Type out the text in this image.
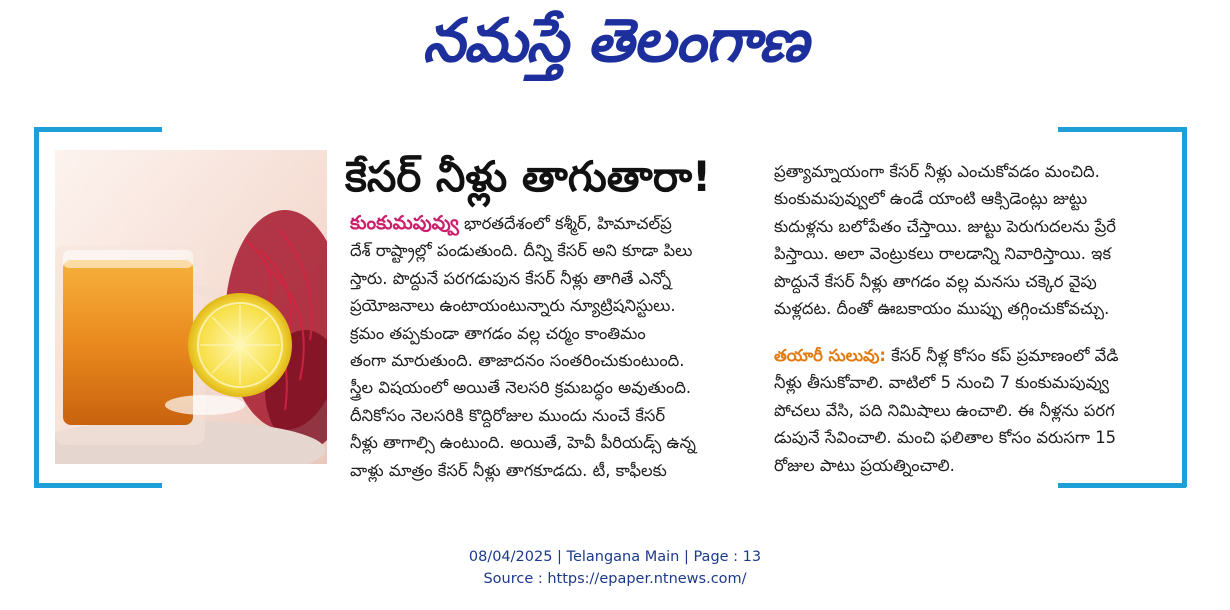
నమస్తే తెలంగాణ
కేసర్ నీళ్లు తాగుతారా!
కుంకుమపువ్వు భారతదేశంలో కశ్మీర్, హిమాచల్‌ప్ర
దేశ్ రాష్ట్రాల్లో పండుతుంది. దీన్ని కేసర్ అని కూడా పిలు
స్తారు. పొద్దునే పరగడుపున కేసర్ నీళ్లు తాగితే ఎన్నో
ప్రయోజనాలు ఉంటాయంటున్నారు న్యూట్రిషనిస్టులు.
క్రమం తప్పకుండా తాగడం వల్ల చర్మం కాంతిమం
తంగా మారుతుంది. తాజాదనం సంతరించుకుంటుంది.
స్త్రీల విషయంలో అయితే నెలసరి క్రమబద్ధం అవుతుంది.
దీనికోసం నెలసరికి కొద్దిరోజుల ముందు నుంచే కేసర్
నీళ్లు తాగాల్సి ఉంటుంది. అయితే, హెవీ పీరియడ్స్ ఉన్న
వాళ్లు మాత్రం కేసర్ నీళ్లు తాగకూడదు. టీ, కాఫీలకు
ప్రత్యామ్నాయంగా కేసర్ నీళ్లు ఎంచుకోవడం మంచిది.
కుంకుమపువ్వులో ఉండే యాంటి ఆక్సిడెంట్లు జుట్టు
కుదుళ్లను బలోపేతం చేస్తాయి. జుట్టు పెరుగుదలను ప్రేరే
పిస్తాయి. అలా వెంట్రుకలు రాలడాన్ని నివారిస్తాయి. ఇక
పొద్దునే కేసర్ నీళ్లు తాగడం వల్ల మనసు చక్కెర వైపు
మళ్లదట. దీంతో ఊబకాయం ముప్పు తగ్గించుకోవచ్చు.
తయారీ సులువు: కేసర్ నీళ్ల కోసం కప్ ప్రమాణంలో వేడి
నీళ్లు తీసుకోవాలి. వాటిలో 5 నుంచి 7 కుంకుమపువ్వు
పోచలు వేసి, పది నిమిషాలు ఉంచాలి. ఈ నీళ్లను పరగ
డుపునే సేవించాలి. మంచి ఫలితాల కోసం వరుసగా 15
రోజుల పాటు ప్రయత్నించాలి.
08/04/2025 | Telangana Main | Page : 13
Source : https://epaper.ntnews.com/
